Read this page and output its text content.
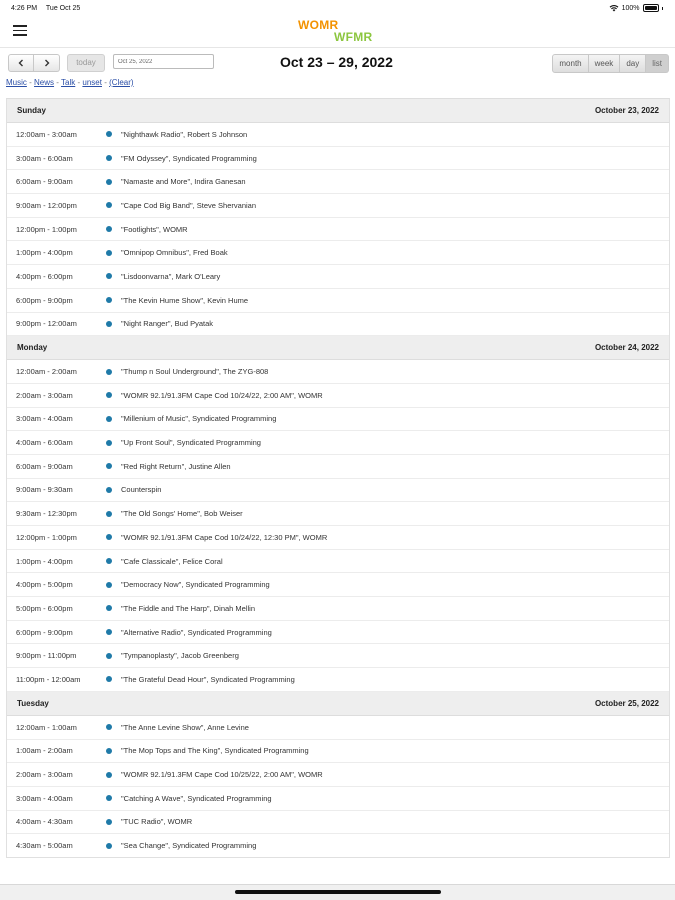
4:26 PM Tue Oct 25	100%
WOMR
WFMR
today
Oct 25, 2022	Oct 23 – 29, 2022	month	week	day	list
Music - News - Talk - unset - (Clear)
Sunday	October 23, 2022
12:00am - 3:00am	"Nighthawk Radio", Robert S Johnson
3:00am - 6:00am	"FM Odyssey", Syndicated Programming
6:00am - 9:00am	"Namaste and More", Indira Ganesan
9:00am - 12:00pm	"Cape Cod Big Band", Steve Shervanian
12:00pm - 1:00pm	"Footlights", WOMR
1:00pm - 4:00pm	"Omnipop Omnibus", Fred Boak
4:00pm - 6:00pm	"Lisdoonvarna", Mark O'Leary
6:00pm - 9:00pm	"The Kevin Hume Show", Kevin Hume
9:00pm - 12:00am	"Night Ranger", Bud Pyatak
Monday	October 24, 2022
12:00am - 2:00am	"Thump n Soul Underground", The ZYG-808
2:00am - 3:00am	"WOMR 92.1/91.3FM Cape Cod 10/24/22, 2:00 AM", WOMR
3:00am - 4:00am	"Millenium of Music", Syndicated Programming
4:00am - 6:00am	"Up Front Soul", Syndicated Programming
6:00am - 9:00am	"Red Right Return", Justine Allen
9:00am - 9:30am	Counterspin
9:30am - 12:30pm	"The Old Songs' Home", Bob Weiser
12:00pm - 1:00pm	"WOMR 92.1/91.3FM Cape Cod 10/24/22, 12:30 PM", WOMR
1:00pm - 4:00pm	"Cafe Classicale", Felice Coral
4:00pm - 5:00pm	"Democracy Now", Syndicated Programming
5:00pm - 6:00pm	"The Fiddle and The Harp", Dinah Mellin
6:00pm - 9:00pm	"Alternative Radio", Syndicated Programming
9:00pm - 11:00pm	"Tympanoplasty", Jacob Greenberg
11:00pm - 12:00am	"The Grateful Dead Hour", Syndicated Programming
Tuesday	October 25, 2022
12:00am - 1:00am	"The Anne Levine Show", Anne Levine
1:00am - 2:00am	"The Mop Tops and The King", Syndicated Programming
2:00am - 3:00am	"WOMR 92.1/91.3FM Cape Cod 10/25/22, 2:00 AM", WOMR
3:00am - 4:00am	"Catching A Wave", Syndicated Programming
4:00am - 4:30am	"TUC Radio", WOMR
4:30am - 5:00am	"Sea Change", Syndicated Programming
